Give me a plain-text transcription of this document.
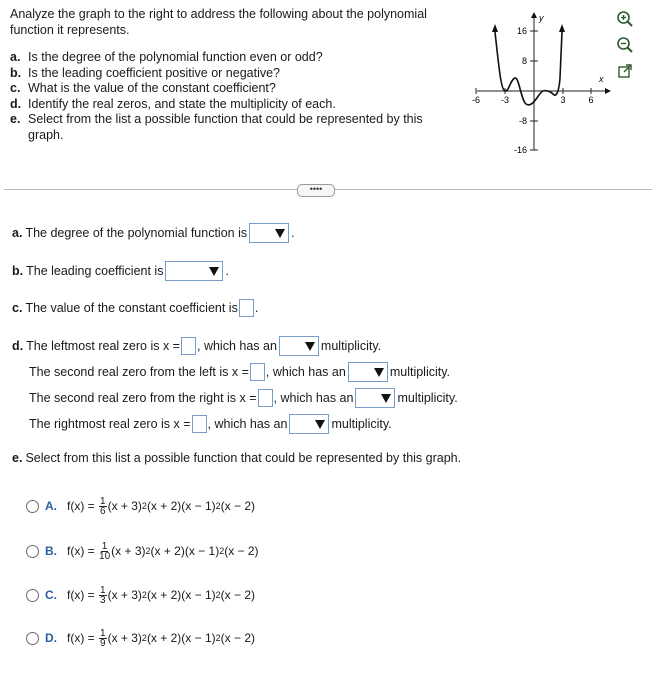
Analyze the graph to the right to address the following about the polynomial function it represents.
a. Is the degree of the polynomial function even or odd?
b. Is the leading coefficient positive or negative?
c. What is the value of the constant coefficient?
d. Identify the real zeros, and state the multiplicity of each.
e. Select from the list a possible function that could be represented by this graph.
16
8
-8
-16
-6 -3	3	6
y
x
••••
a. The degree of the polynomial function is	.
b. The leading coefficient is	.
c. The value of the constant coefficient is .
d. The leftmost real zero is x = , which has an	multiplicity.
The second real zero from the left is x = , which has an	multiplicity.
The second real zero from the right is x = , which has an	multiplicity.
The rightmost real zero is x = , which has an	multiplicity.
e. Select from this list a possible function that could be represented by this graph.
A. f(x) =
$\frac{1}{6} (x + 3)$ 2 (x + 2)(x − 1) 2 (x − 2)
B. f(x) =
$\frac{1}{10} (x + 3)$ 2 (x + 2)(x − 1) 2 (x − 2)
C. f(x) =
$\frac{1}{3} (x + 3)$ 2 (x + 2)(x − 1) 2 (x − 2)
D. f(x) =
$\frac{1}{9} (x + 3)$ 2 (x + 2)(x − 1) 2 (x − 2)
